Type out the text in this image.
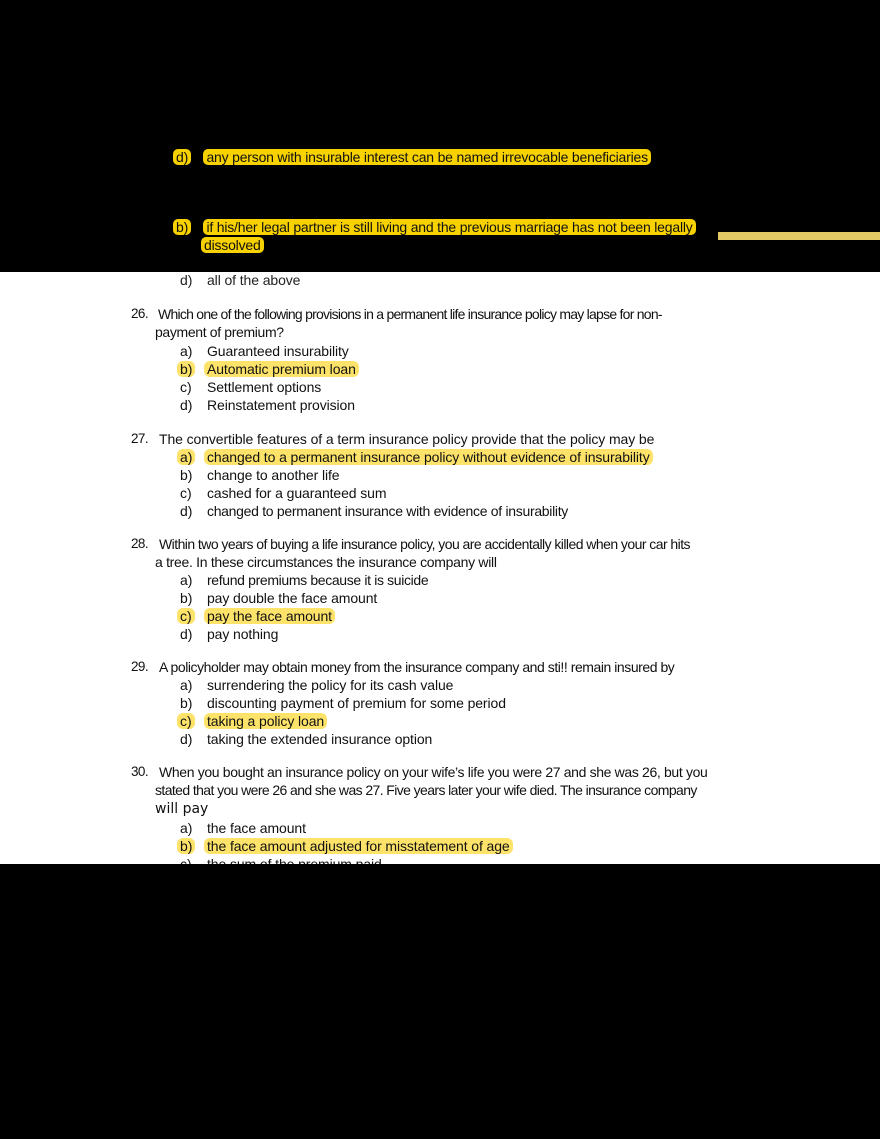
d) any person with insurable interest can be named irrevocable beneficiaries
b) if his/her legal partner is still living and the previous marriage has not been legally
dissolved
d) all of the above
26. Which one of the following provisions in a permanent life insurance policy may lapse for non-
payment of premium?
a) Guaranteed insurability
b) Automatic premium loan
c) Settlement options
d) Reinstatement provision
27. The convertible features of a term insurance policy provide that the policy may be
a) changed to a permanent insurance policy without evidence of insurability
b) change to another life
c) cashed for a guaranteed sum
d) changed to permanent insurance with evidence of insurability
28. Within two years of buying a life insurance policy, you are accidentally killed when your car hits
a tree. In these circumstances the insurance company will
a) refund premiums because it is suicide
b) pay double the face amount
c) pay the face amount
d) pay nothing
29. A policyholder may obtain money from the insurance company and sti!! remain insured by
a) surrendering the policy for its cash value
b) discounting payment of premium for some period
c) taking a policy loan
d) taking the extended insurance option
30. When you bought an insurance policy on your wife’s life you were 27 and she was 26, but you
stated that you were 26 and she was 27. Five years later your wife died. The insurance company
will pay
a) the face amount
b) the face amount adjusted for misstatement of age
